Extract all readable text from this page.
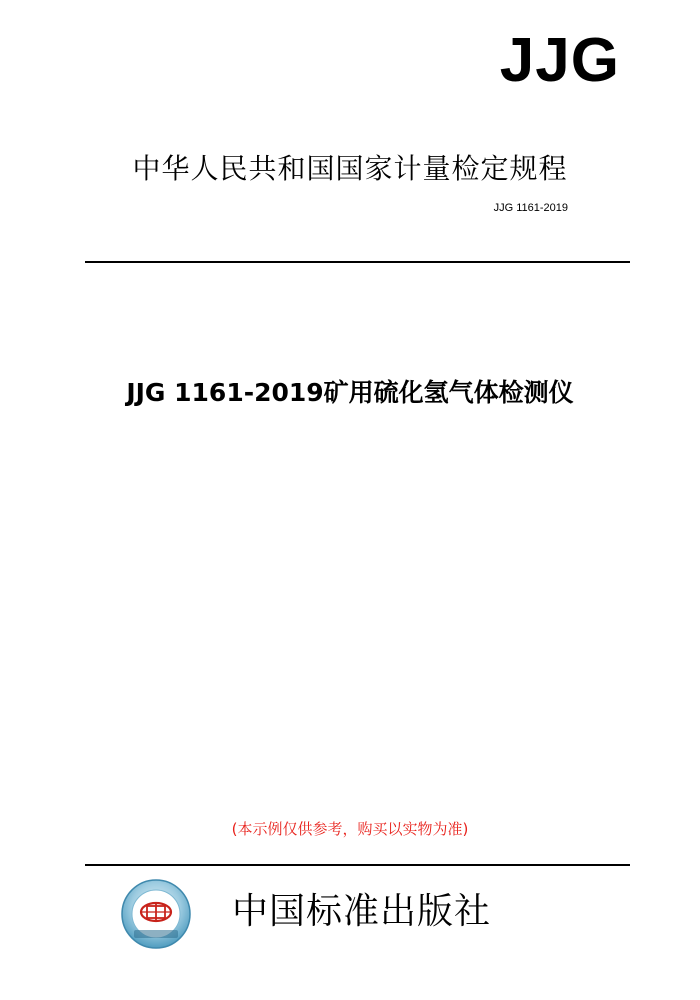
JJG
中华人民共和国国家计量检定规程
JJG 1161-2019
JJG 1161-2019矿用硫化氢气体检测仪
(本示例仅供参考，购买以实物为准)
中国标准出版社
